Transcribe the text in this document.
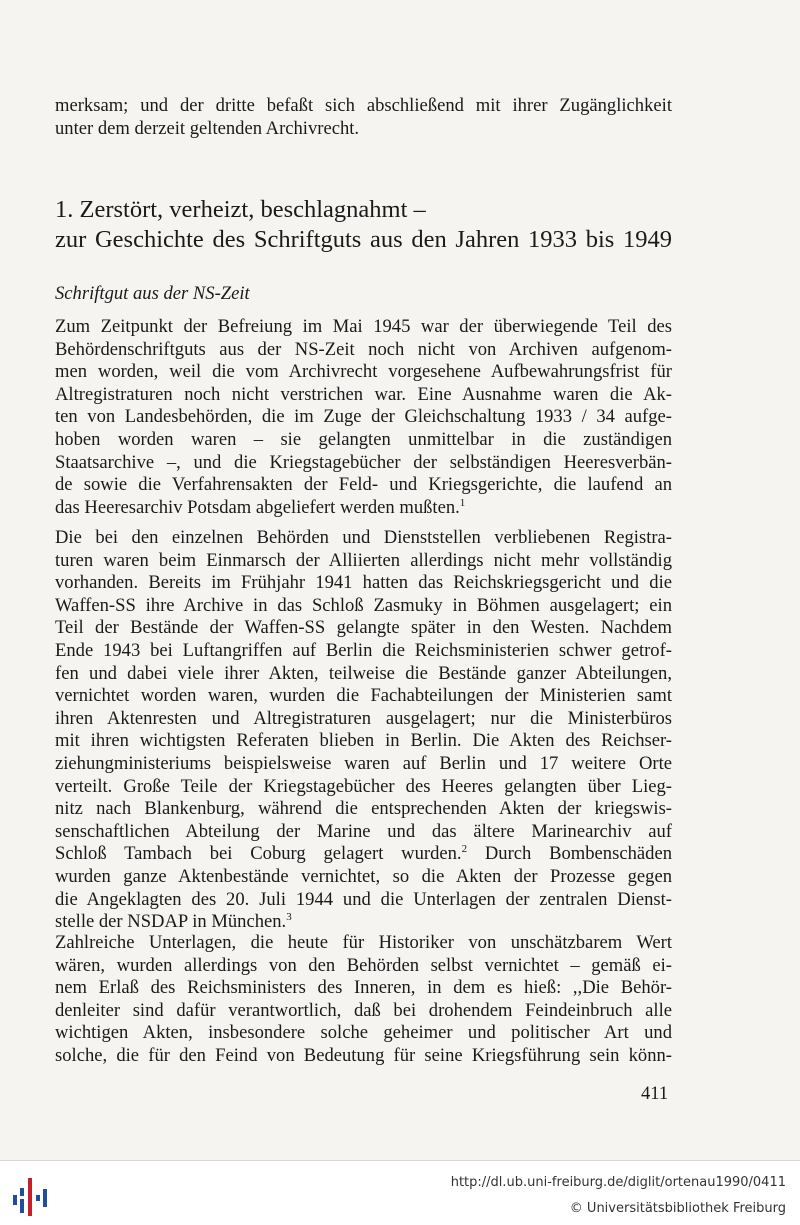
merksam; und der dritte befaßt sich abschließend mit ihrer Zugänglichkeit
unter dem derzeit geltenden Archivrecht.
1. Zerstört, verheizt, beschlagnahmt –
zur Geschichte des Schriftguts aus den Jahren 1933 bis 1949
Schriftgut aus der NS-Zeit
Zum Zeitpunkt der Befreiung im Mai 1945 war der überwiegende Teil des
Behördenschriftguts aus der NS-Zeit noch nicht von Archiven aufgenom-
men worden, weil die vom Archivrecht vorgesehene Aufbewahrungsfrist für
Altregistraturen noch nicht verstrichen war. Eine Ausnahme waren die Ak-
ten von Landesbehörden, die im Zuge der Gleichschaltung 1933 / 34 aufge-
hoben worden waren – sie gelangten unmittelbar in die zuständigen
Staatsarchive –, und die Kriegstagebücher der selbständigen Heeresverbän-
de sowie die Verfahrensakten der Feld- und Kriegsgerichte, die laufend an
das Heeresarchiv Potsdam abgeliefert werden mußten.$^1$
Die bei den einzelnen Behörden und Dienststellen verbliebenen Registra-
turen waren beim Einmarsch der Alliierten allerdings nicht mehr vollständig
vorhanden. Bereits im Frühjahr 1941 hatten das Reichskriegsgericht und die
Waffen-SS ihre Archive in das Schloß Zasmuky in Böhmen ausgelagert; ein
Teil der Bestände der Waffen-SS gelangte später in den Westen. Nachdem
Ende 1943 bei Luftangriffen auf Berlin die Reichsministerien schwer getrof-
fen und dabei viele ihrer Akten, teilweise die Bestände ganzer Abteilungen,
vernichtet worden waren, wurden die Fachabteilungen der Ministerien samt
ihren Aktenresten und Altregistraturen ausgelagert; nur die Ministerbüros
mit ihren wichtigsten Referaten blieben in Berlin. Die Akten des Reichser-
ziehungministeriums beispielsweise waren auf Berlin und 17 weitere Orte
verteilt. Große Teile der Kriegstagebücher des Heeres gelangten über Lieg-
nitz nach Blankenburg, während die entsprechenden Akten der kriegswis-
senschaftlichen Abteilung der Marine und das ältere Marinearchiv auf
Schloß Tambach bei Coburg gelagert wurden.$^2$ Durch Bombenschäden
wurden ganze Aktenbestände vernichtet, so die Akten der Prozesse gegen
die Angeklagten des 20. Juli 1944 und die Unterlagen der zentralen Dienst-
stelle der NSDAP in München.$^3$
Zahlreiche Unterlagen, die heute für Historiker von unschätzbarem Wert
wären, wurden allerdings von den Behörden selbst vernichtet – gemäß ei-
nem Erlaß des Reichsministers des Inneren, in dem es hieß: ,,Die Behör-
denleiter sind dafür verantwortlich, daß bei drohendem Feindeinbruch alle
wichtigen Akten, insbesondere solche geheimer und politischer Art und
solche, die für den Feind von Bedeutung für seine Kriegsführung sein könn-
411
http://dl.ub.uni-freiburg.de/diglit/ortenau1990/0411
© Universitätsbibliothek Freiburg
